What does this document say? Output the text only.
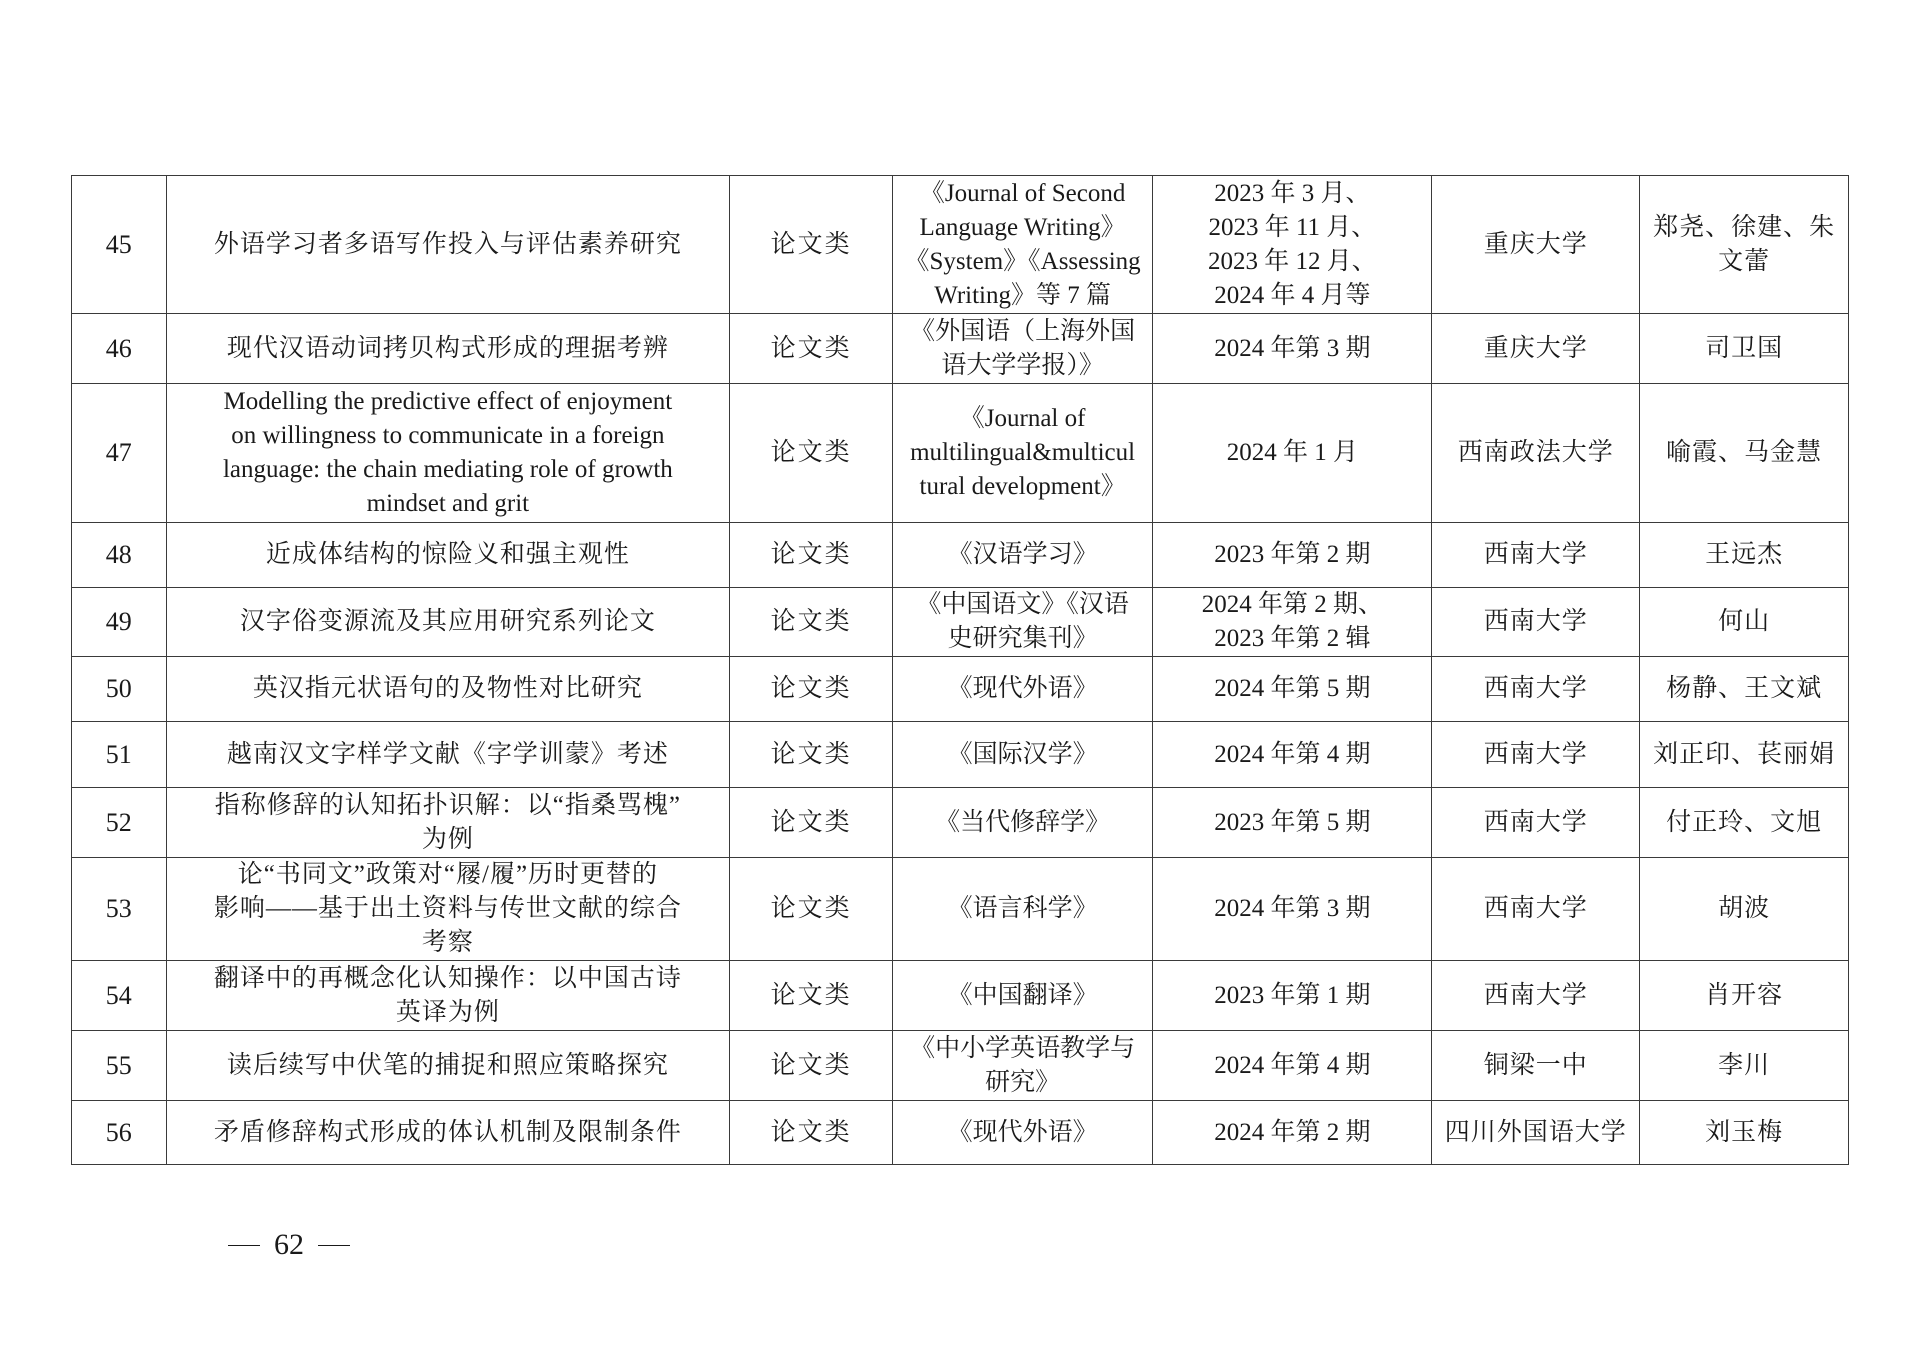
45	外语学习者多语写作投入与评估素养研究	论文类	《Journal of Second
Language Writing》
《System》《Assessing
Writing》等 7 篇	2023 年 3 月、
2023 年 11 月、
2023 年 12 月、
2024 年 4 月等	重庆大学	郑尧、徐建、朱文蕾
46	现代汉语动词拷贝构式形成的理据考辨	论文类	《外国语（上海外国
语大学学报）》	2024 年第 3 期	重庆大学	司卫国
47	Modelling the predictive effect of enjoyment
on willingness to communicate in a foreign
language: the chain mediating role of growth
mindset and grit	论文类	《Journal of
multilingual&multicul
tural development》	2024 年 1 月	西南政法大学	喻霞、马金慧
48	近成体结构的惊险义和强主观性	论文类	《汉语学习》	2023 年第 2 期	西南大学	王远杰
49	汉字俗变源流及其应用研究系列论文	论文类	《中国语文》《汉语
史研究集刊》	2024 年第 2 期、
2023 年第 2 辑	西南大学	何山
50	英汉指元状语句的及物性对比研究	论文类	《现代外语》	2024 年第 5 期	西南大学	杨静、王文斌
51	越南汉文字样学文献《字学训蒙》考述	论文类	《国际汉学》	2024 年第 4 期	西南大学	刘正印、苌丽娟
52	指称修辞的认知拓扑识解：以“指桑骂槐”
为例	论文类	《当代修辞学》	2023 年第 5 期	西南大学	付正玲、文旭
53	论“书同文”政策对“屦/履”历时更替的
影响——基于出土资料与传世文献的综合
考察	论文类	《语言科学》	2024 年第 3 期	西南大学	胡波
54	翻译中的再概念化认知操作：以中国古诗
英译为例	论文类	《中国翻译》	2023 年第 1 期	西南大学	肖开容
55	读后续写中伏笔的捕捉和照应策略探究	论文类	《中小学英语教学与
研究》	2024 年第 4 期	铜梁一中	李川
56	矛盾修辞构式形成的体认机制及限制条件	论文类	《现代外语》	2024 年第 2 期	四川外国语大学	刘玉梅
62
